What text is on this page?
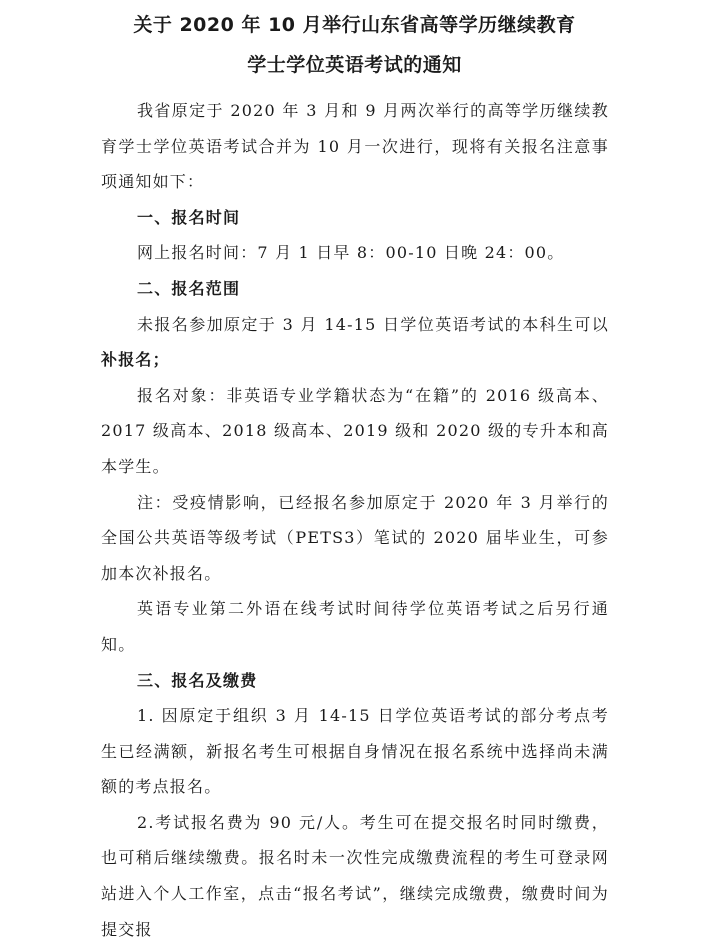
关于 2020 年 10 月举行山东省高等学历继续教育
学士学位英语考试的通知

我省原定于 2020 年 3 月和 9 月两次举行的高等学历继续教育学士学位英语考试合并为 10 月一次进行，现将有关报名注意事项通知如下：

一、报名时间

网上报名时间：7 月 1 日早 8：00-10 日晚 24：00。

二、报名范围

未报名参加原定于 3 月 14-15 日学位英语考试的本科生可以补报名；

报名对象：非英语专业学籍状态为“在籍”的 2016 级高本、2017 级高本、2018 级高本、2019 级和 2020 级的专升本和高本学生。

注：受疫情影响，已经报名参加原定于 2020 年 3 月举行的全国公共英语等级考试（PETS3）笔试的 2020 届毕业生，可参加本次补报名。

英语专业第二外语在线考试时间待学位英语考试之后另行通知。

三、报名及缴费

1. 因原定于组织 3 月 14-15 日学位英语考试的部分考点考生已经满额，新报名考生可根据自身情况在报名系统中选择尚未满额的考点报名。

2.考试报名费为 90 元/人。考生可在提交报名时同时缴费，也可稍后继续缴费。报名时未一次性完成缴费流程的考生可登录网站进入个人工作室，点击“报名考试”，继续完成缴费，缴费时间为提交报
